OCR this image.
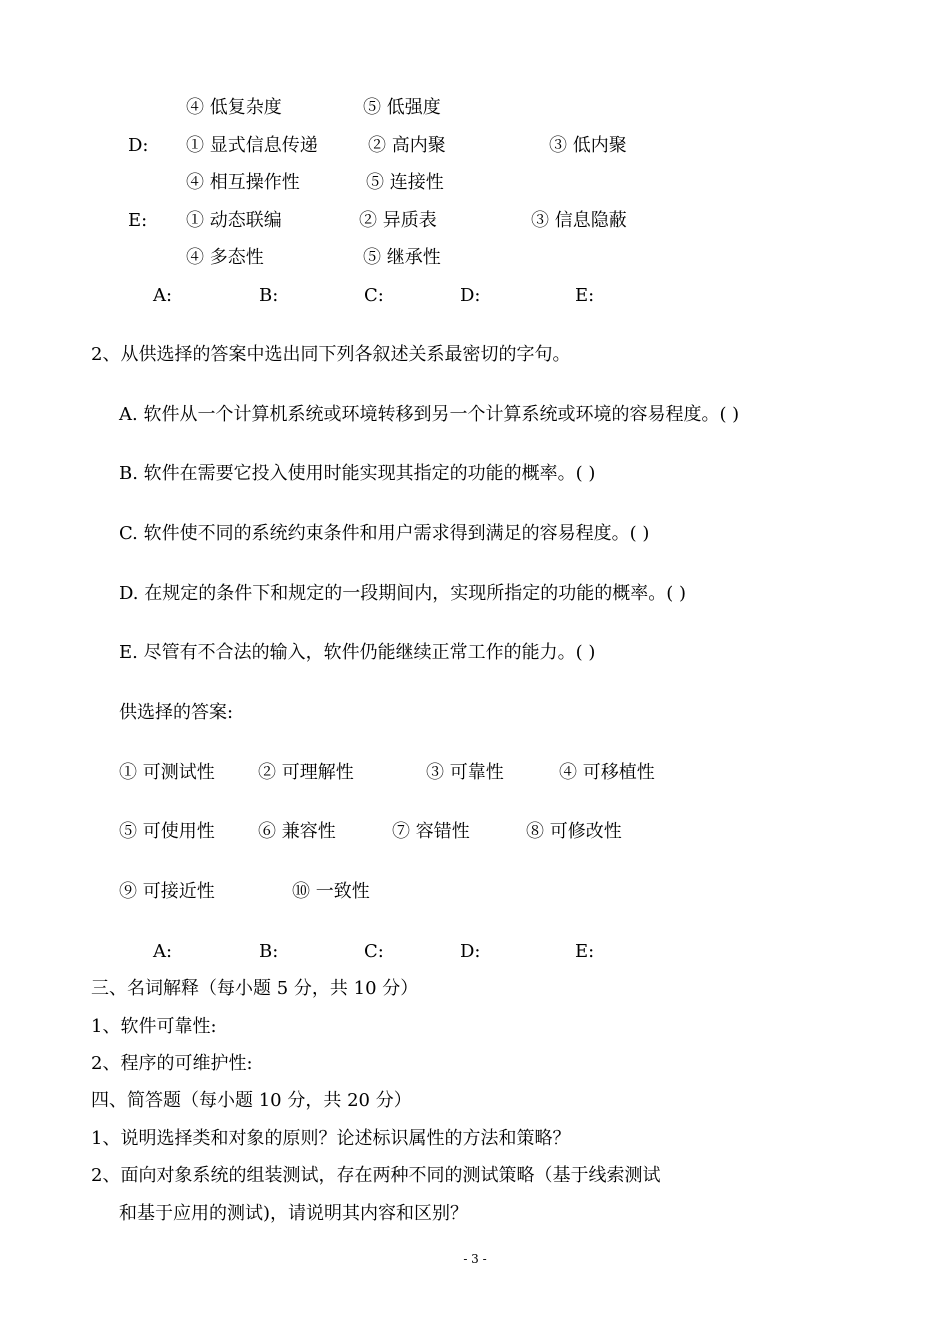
④ 低复杂度	⑤ 低强度
D: ① 显式信息传递	② 高内聚	③ 低内聚
④ 相互操作性	⑤ 连接性
E: ① 动态联编	② 异质表	③ 信息隐蔽
④ 多态性	⑤ 继承性
A:	B:	C:	D:	E:
2、从供选择的答案中选出同下列各叙述关系最密切的字句。
A. 软件从一个计算机系统或环境转移到另一个计算系统或环境的容易程度。( )
B. 软件在需要它投入使用时能实现其指定的功能的概率。( )
C. 软件使不同的系统约束条件和用户需求得到满足的容易程度。( )
D. 在规定的条件下和规定的一段期间内，实现所指定的功能的概率。( )
E. 尽管有不合法的输入，软件仍能继续正常工作的能力。( )
供选择的答案:
① 可测试性 ② 可理解性	③ 可靠性	④ 可移植性
⑤ 可使用性 ⑥ 兼容性	⑦ 容错性	⑧ 可修改性
⑨ 可接近性	⑩ 一致性
A:	B:	C:	D:	E:
三、名词解释（每小题 5 分，共 10 分）
1、软件可靠性:
2、程序的可维护性:
四、简答题（每小题 10 分，共 20 分）
1、说明选择类和对象的原则？论述标识属性的方法和策略？
2、面向对象系统的组装测试，存在两种不同的测试策略（基于线索测试
和基于应用的测试)，请说明其内容和区别？
- 3 -
